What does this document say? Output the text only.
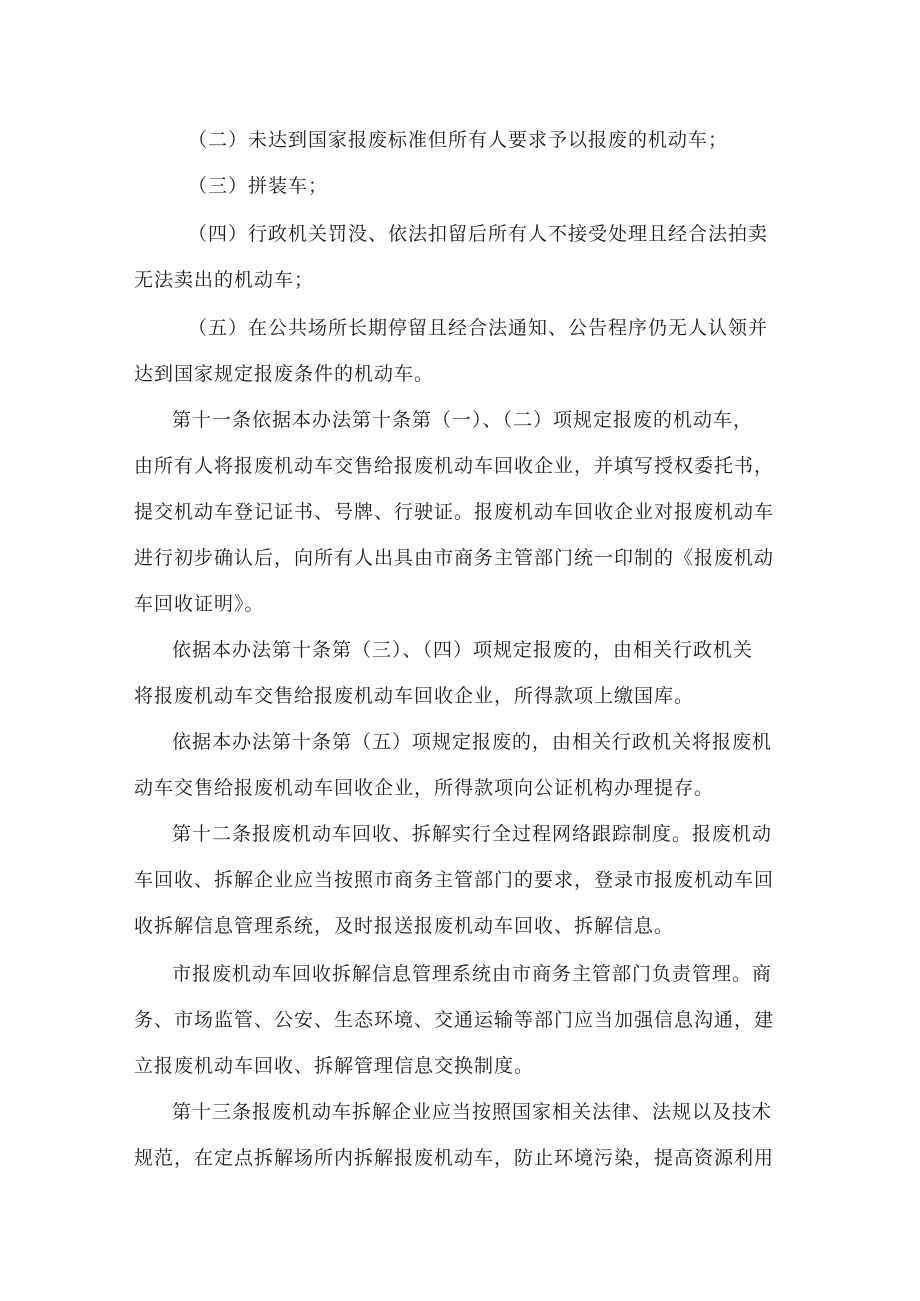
（二）未达到国家报废标准但所有人要求予以报废的机动车；
（三）拼装车；
（四）行政机关罚没、依法扣留后所有人不接受处理且经合法拍卖
无法卖出的机动车；
（五）在公共场所长期停留且经合法通知、公告程序仍无人认领并
达到国家规定报废条件的机动车。
第十一条依据本办法第十条第（一）、（二）项规定报废的机动车，
由所有人将报废机动车交售给报废机动车回收企业，并填写授权委托书，
提交机动车登记证书、号牌、行驶证。报废机动车回收企业对报废机动车
进行初步确认后，向所有人出具由市商务主管部门统一印制的《报废机动
车回收证明》。
依据本办法第十条第（三）、（四）项规定报废的，由相关行政机关
将报废机动车交售给报废机动车回收企业，所得款项上缴国库。
依据本办法第十条第（五）项规定报废的，由相关行政机关将报废机
动车交售给报废机动车回收企业，所得款项向公证机构办理提存。
第十二条报废机动车回收、拆解实行全过程网络跟踪制度。报废机动
车回收、拆解企业应当按照市商务主管部门的要求，登录市报废机动车回
收拆解信息管理系统，及时报送报废机动车回收、拆解信息。
市报废机动车回收拆解信息管理系统由市商务主管部门负责管理。商
务、市场监管、公安、生态环境、交通运输等部门应当加强信息沟通，建
立报废机动车回收、拆解管理信息交换制度。
第十三条报废机动车拆解企业应当按照国家相关法律、法规以及技术
规范，在定点拆解场所内拆解报废机动车，防止环境污染，提高资源利用
